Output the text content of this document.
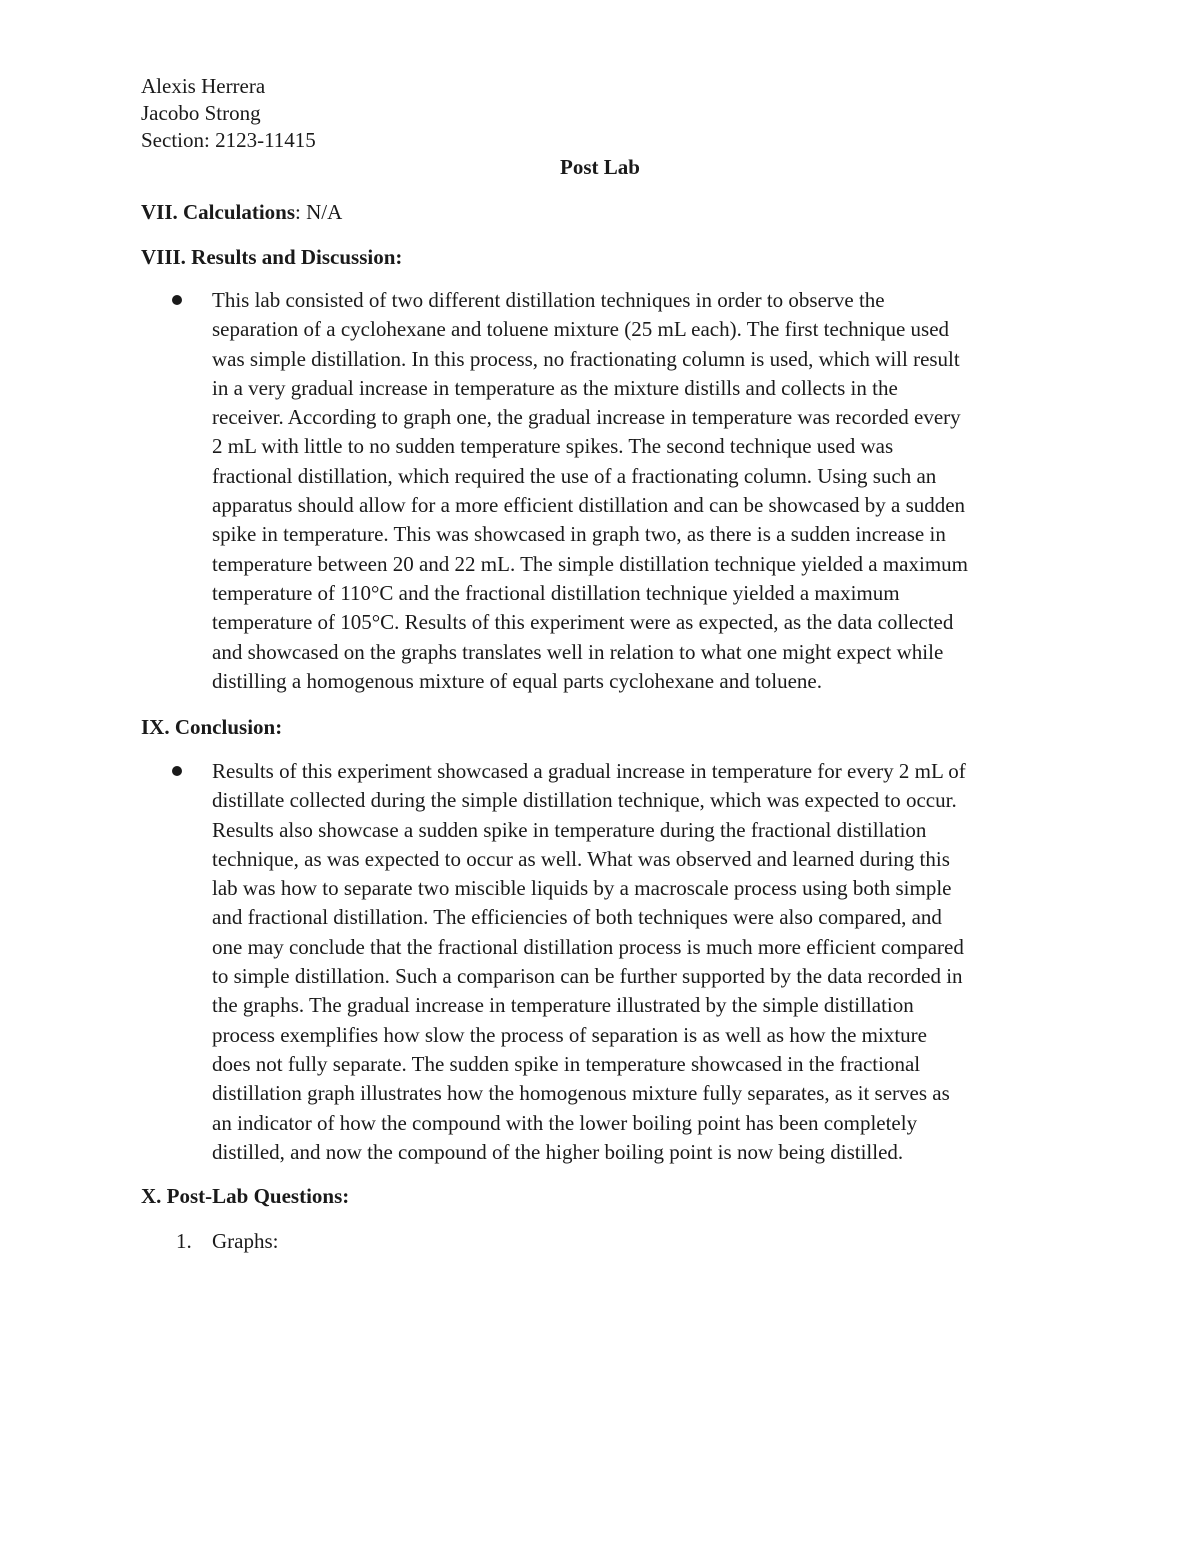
Alexis Herrera

Jacobo Strong

Section: 2123-11415

Post Lab

VII. Calculations: N/A

VIII. Results and Discussion:

This lab consisted of two different distillation techniques in order to observe the
separation of a cyclohexane and toluene mixture (25 mL each). The first technique used
was simple distillation. In this process, no fractionating column is used, which will result
in a very gradual increase in temperature as the mixture distills and collects in the
receiver. According to graph one, the gradual increase in temperature was recorded every
2 mL with little to no sudden temperature spikes. The second technique used was
fractional distillation, which required the use of a fractionating column. Using such an
apparatus should allow for a more efficient distillation and can be showcased by a sudden
spike in temperature. This was showcased in graph two, as there is a sudden increase in
temperature between 20 and 22 mL. The simple distillation technique yielded a maximum
temperature of 110°C and the fractional distillation technique yielded a maximum
temperature of 105°C. Results of this experiment were as expected, as the data collected
and showcased on the graphs translates well in relation to what one might expect while
distilling a homogenous mixture of equal parts cyclohexane and toluene.

IX. Conclusion:

Results of this experiment showcased a gradual increase in temperature for every 2 mL of
distillate collected during the simple distillation technique, which was expected to occur.
Results also showcase a sudden spike in temperature during the fractional distillation
technique, as was expected to occur as well. What was observed and learned during this
lab was how to separate two miscible liquids by a macroscale process using both simple
and fractional distillation. The efficiencies of both techniques were also compared, and
one may conclude that the fractional distillation process is much more efficient compared
to simple distillation. Such a comparison can be further supported by the data recorded in
the graphs. The gradual increase in temperature illustrated by the simple distillation
process exemplifies how slow the process of separation is as well as how the mixture
does not fully separate. The sudden spike in temperature showcased in the fractional
distillation graph illustrates how the homogenous mixture fully separates, as it serves as
an indicator of how the compound with the lower boiling point has been completely
distilled, and now the compound of the higher boiling point is now being distilled.

X. Post-Lab Questions:

1. Graphs:
